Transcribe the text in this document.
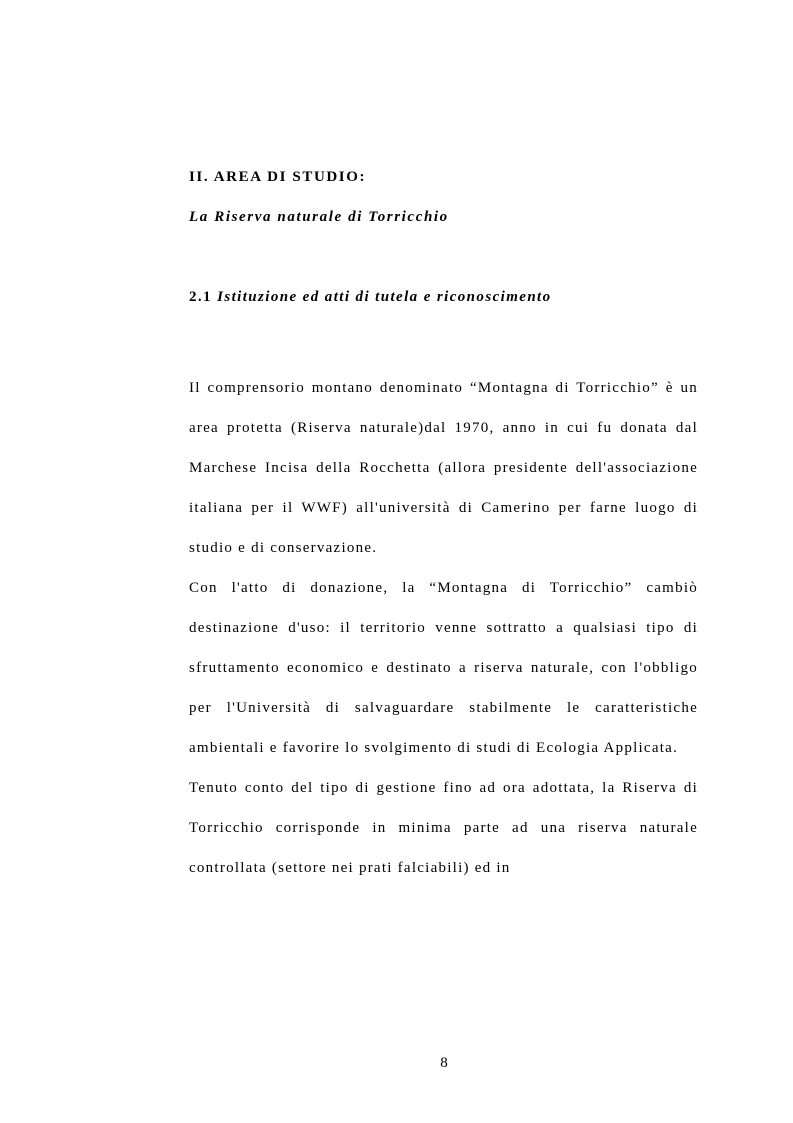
II. AREA DI STUDIO:
La Riserva naturale di Torricchio
2.1 Istituzione ed atti di tutela e riconoscimento

Il comprensorio montano denominato “Montagna di Torricchio” è un area protetta (Riserva naturale)dal 1970, anno in cui fu donata dal Marchese Incisa della Rocchetta (allora presidente dell'associazione italiana per il WWF) all'università di Camerino per farne luogo di studio e di conservazione.

Con l'atto di donazione, la “Montagna di Torricchio” cambiò destinazione d'uso: il territorio venne sottratto a qualsiasi tipo di sfruttamento economico e destinato a riserva naturale, con l'obbligo per l'Università di salvaguardare stabilmente le caratteristiche ambientali e favorire lo svolgimento di studi di Ecologia Applicata.

Tenuto conto del tipo di gestione fino ad ora adottata, la Riserva di Torricchio corrisponde in minima parte ad una riserva naturale controllata (settore nei prati falciabili) ed in

8
